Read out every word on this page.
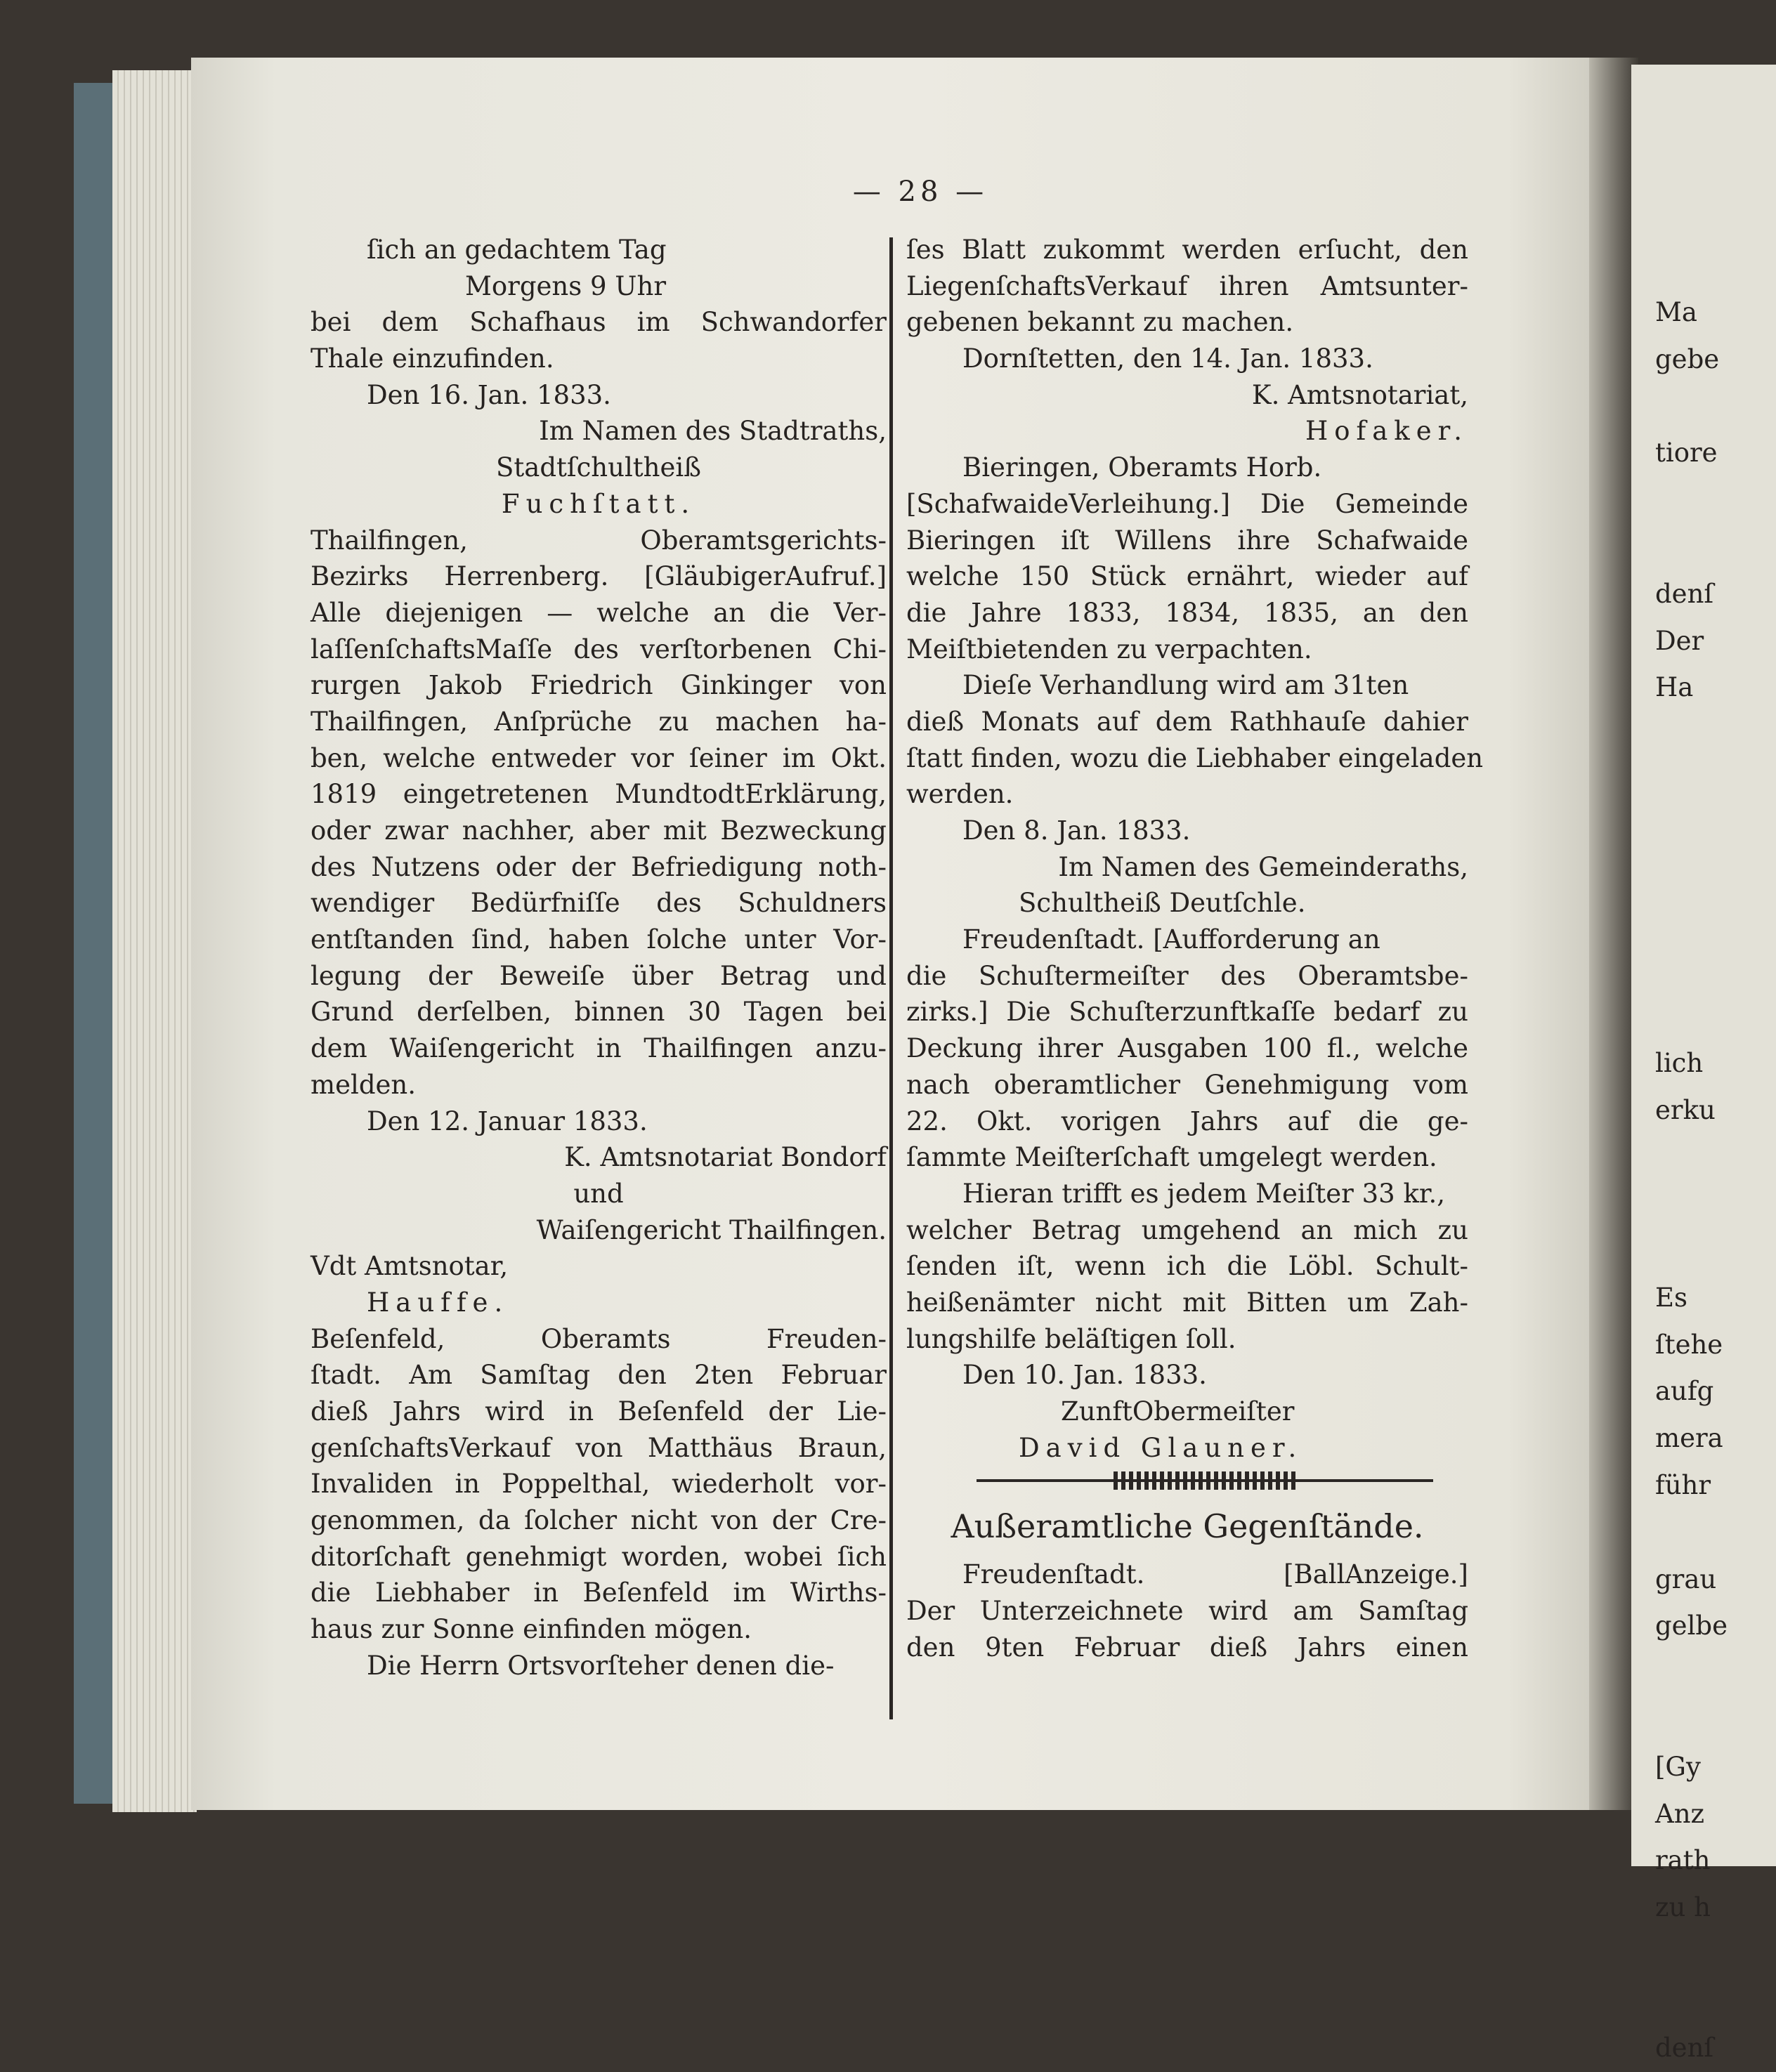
— 28 —
ſich an gedachtem Tag
Morgens 9 Uhr
bei dem Schafhaus im Schwandorfer
Thale einzufinden.
Den 16. Jan. 1833.
Im Namen des Stadtraths,
Stadtſchultheiß
Fuchſtatt.
Thailfingen, Oberamtsgerichts-
Bezirks Herrenberg. [GläubigerAufruf.]
Alle diejenigen — welche an die Ver-
laſſenſchaftsMaſſe des verſtorbenen Chi-
rurgen Jakob Friedrich Ginkinger von
Thailfingen, Anſprüche zu machen ha-
ben, welche entweder vor ſeiner im Okt.
1819 eingetretenen MundtodtErklärung,
oder zwar nachher, aber mit Bezweckung
des Nutzens oder der Befriedigung noth-
wendiger Bedürfniſſe des Schuldners
entſtanden ſind, haben ſolche unter Vor-
legung der Beweiſe über Betrag und
Grund derſelben, binnen 30 Tagen bei
dem Waiſengericht in Thailfingen anzu-
melden.
Den 12. Januar 1833.
K. Amtsnotariat Bondorf
und
Waiſengericht Thailfingen.
Vdt Amtsnotar,
Hauffe.
Beſenfeld, Oberamts Freuden-
ſtadt. Am Samſtag den 2ten Februar
dieß Jahrs wird in Beſenfeld der Lie-
genſchaftsVerkauf von Matthäus Braun,
Invaliden in Poppelthal, wiederholt vor-
genommen, da ſolcher nicht von der Cre-
ditorſchaft genehmigt worden, wobei ſich
die Liebhaber in Beſenfeld im Wirths-
haus zur Sonne einfinden mögen.
Die Herrn Ortsvorſteher denen die-
ſes Blatt zukommt werden erſucht, den
LiegenſchaftsVerkauf ihren Amtsunter-
gebenen bekannt zu machen.
Dornſtetten, den 14. Jan. 1833.
K. Amtsnotariat,
Hofaker.
Bieringen, Oberamts Horb.
[SchafwaideVerleihung.] Die Gemeinde
Bieringen iſt Willens ihre Schafwaide
welche 150 Stück ernährt, wieder auf
die Jahre 1833, 1834, 1835, an den
Meiſtbietenden zu verpachten.
Dieſe Verhandlung wird am 31ten
dieß Monats auf dem Rathhauſe dahier
ſtatt finden, wozu die Liebhaber eingeladen
werden.
Den 8. Jan. 1833.
Im Namen des Gemeinderaths,
Schultheiß Deutſchle.
Freudenſtadt. [Aufforderung an
die Schuſtermeiſter des Oberamtsbe-
zirks.] Die Schuſterzunftkaſſe bedarf zu
Deckung ihrer Ausgaben 100 fl., welche
nach oberamtlicher Genehmigung vom
22. Okt. vorigen Jahrs auf die ge-
ſammte Meiſterſchaft umgelegt werden.
Hieran trifft es jedem Meiſter 33 kr.,
welcher Betrag umgehend an mich zu
ſenden iſt, wenn ich die Löbl. Schult-
heißenämter nicht mit Bitten um Zah-
lungshilfe beläſtigen ſoll.
Den 10. Jan. 1833.
ZunftObermeiſter
David Glauner.
Außeramtliche Gegenſtände.
Freudenſtadt. [BallAnzeige.]
Der Unterzeichnete wird am Samſtag
den 9ten Februar dieß Jahrs einen
Ma
gebe
tiore
denſ
Der
Ha
lich
erku
Es
ſtehe
aufg
mera
führ
grau
gelbe
[Gy
Anz
rath
zu h
denſ
